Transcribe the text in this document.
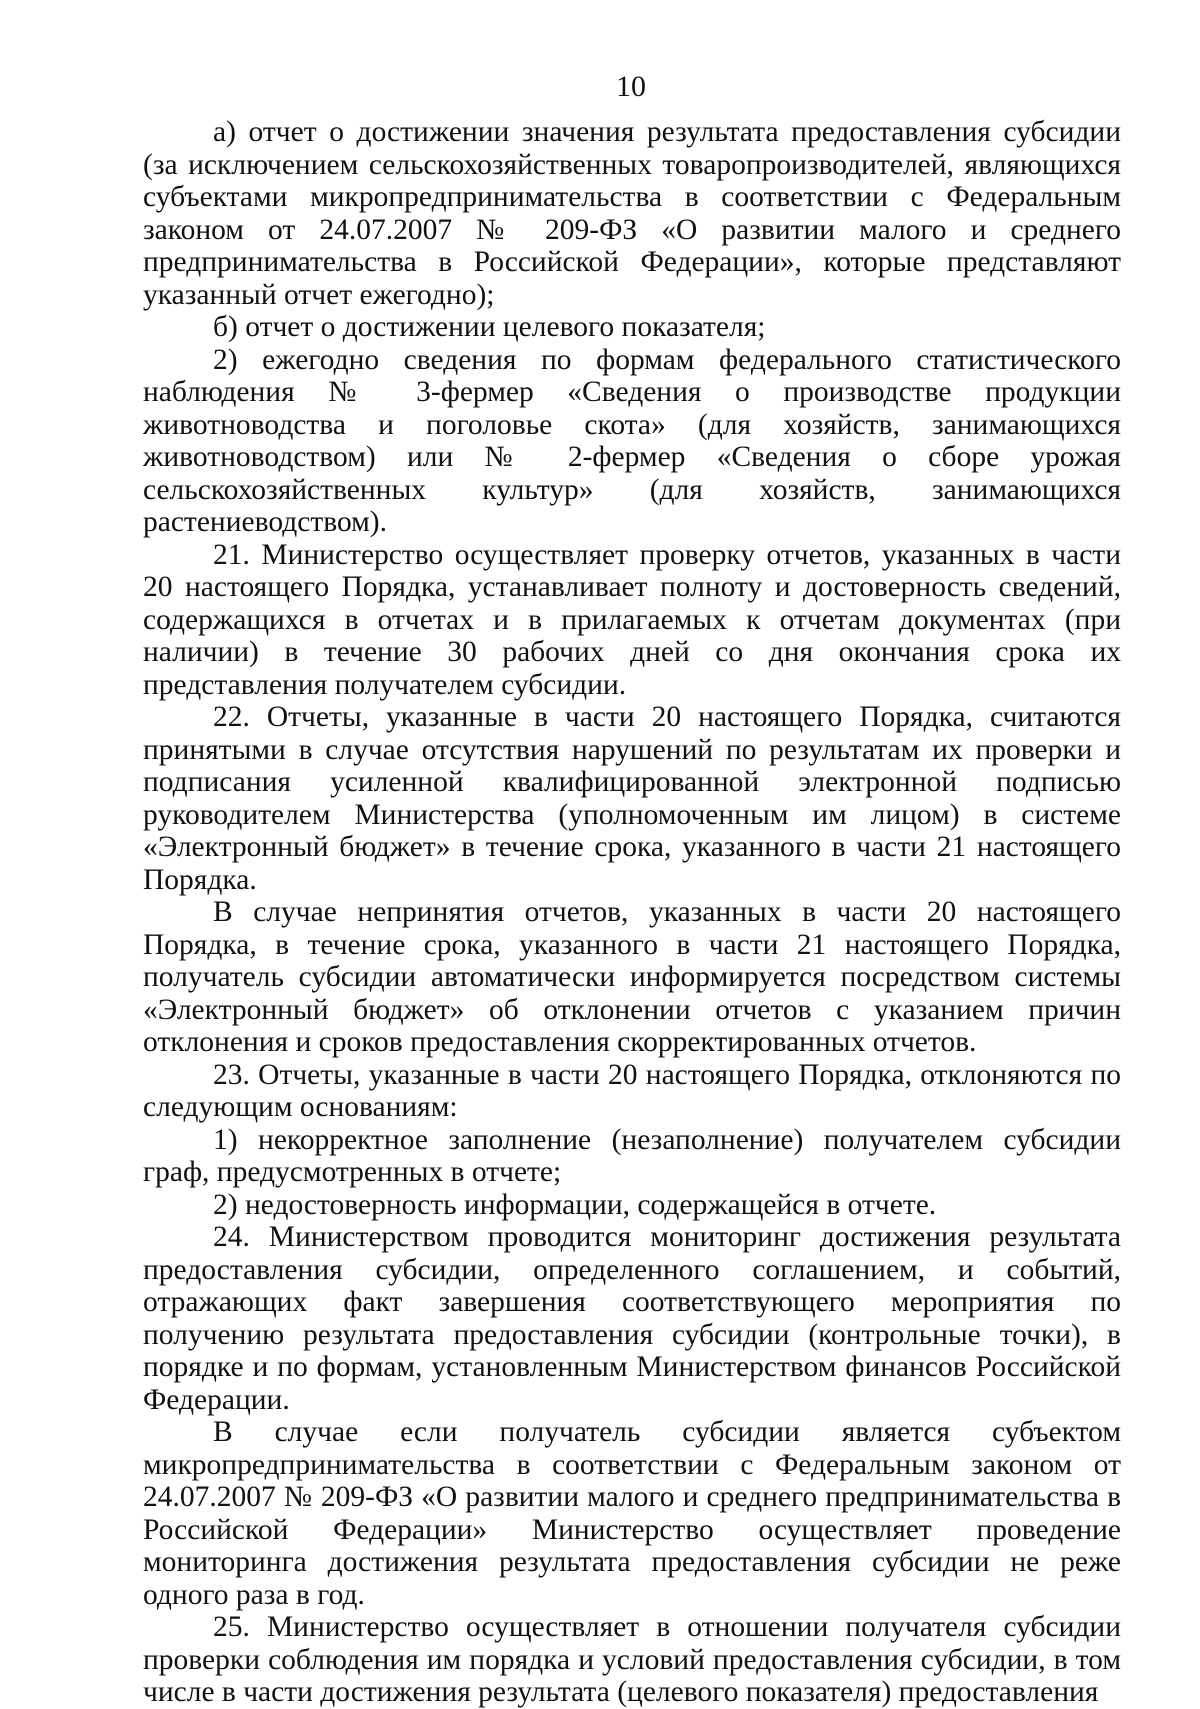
10

а) отчет о достижении значения результата предоставления субсидии (за исключением сельскохозяйственных товаропроизводителей, являющихся субъектами микропредпринимательства в соответствии с Федеральным законом от 24.07.2007 № 209-ФЗ «О развитии малого и среднего предпринимательства в Российской Федерации», которые представляют указанный отчет ежегодно);

б) отчет о достижении целевого показателя;

2) ежегодно сведения по формам федерального статистического наблюдения № 3-фермер «Сведения о производстве продукции животноводства и поголовье скота» (для хозяйств, занимающихся животноводством) или № 2-фермер «Сведения о сборе урожая сельскохозяйственных культур» (для хозяйств, занимающихся растениеводством).

21. Министерство осуществляет проверку отчетов, указанных в части 20 настоящего Порядка, устанавливает полноту и достоверность сведений, содержащихся в отчетах и в прилагаемых к отчетам документах (при наличии) в течение 30 рабочих дней со дня окончания срока их представления получателем субсидии.

22. Отчеты, указанные в части 20 настоящего Порядка, считаются принятыми в случае отсутствия нарушений по результатам их проверки и подписания усиленной квалифицированной электронной подписью руководителем Министерства (уполномоченным им лицом) в системе «Электронный бюджет» в течение срока, указанного в части 21 настоящего Порядка.

В случае непринятия отчетов, указанных в части 20 настоящего Порядка, в течение срока, указанного в части 21 настоящего Порядка, получатель субсидии автоматически информируется посредством системы «Электронный бюджет» об отклонении отчетов с указанием причин отклонения и сроков предоставления скорректированных отчетов.

23. Отчеты, указанные в части 20 настоящего Порядка, отклоняются по следующим основаниям:

1) некорректное заполнение (незаполнение) получателем субсидии граф, предусмотренных в отчете;

2) недостоверность информации, содержащейся в отчете.

24. Министерством проводится мониторинг достижения результата предоставления субсидии, определенного соглашением, и событий, отражающих факт завершения соответствующего мероприятия по получению результата предоставления субсидии (контрольные точки), в порядке и по формам, установленным Министерством финансов Российской Федерации.

В случае если получатель субсидии является субъектом микропредпринимательства в соответствии с Федеральным законом от 24.07.2007 № 209-ФЗ «О развитии малого и среднего предпринимательства в Российской Федерации» Министерство осуществляет проведение мониторинга достижения результата предоставления субсидии не реже одного раза в год.

25. Министерство осуществляет в отношении получателя субсидии проверки соблюдения им порядка и условий предоставления субсидии, в том числе в части достижения результата (целевого показателя) предоставления
